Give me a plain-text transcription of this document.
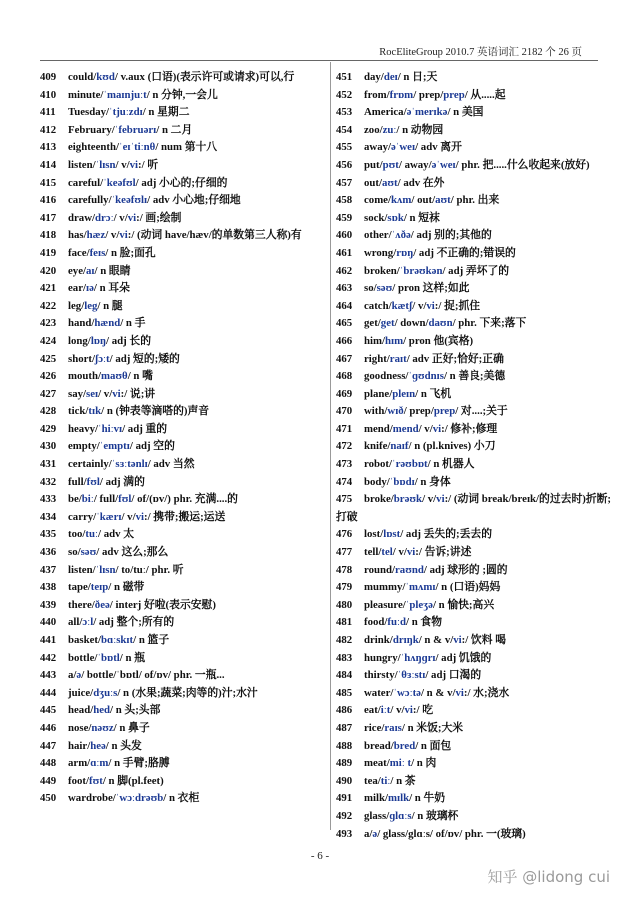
RocEliteGroup 2010.7 英语词汇 2182 个 26 页
409 could/kʊd/ v.aux (口语)(表示许可或请求)可以,行
410 minute/ˈmaɪnjuːt/ n 分钟,一会儿
411 Tuesday/ˈtjuːzdɪ/ n 星期二
412 February/ˈfebruərɪ/ n 二月
413 eighteenth/ˈeɪˈtiːnθ/ num 第十八
414 listen/ˈlɪsn/ v/vi:/ 听
415 careful/ˈkeəfʊl/ adj 小心的;仔细的
416 carefully/ˈkeəfʊlɪ/ adv 小心地;仔细地
417 draw/drɔː/ v/vi:/ 画;绘制
418 has/hæz/ v/vi:/ (动词 have/hæv/的单数第三人称)有
419 face/feɪs/ n 脸;面孔
420 eye/aɪ/ n 眼睛
421 ear/ɪə/ n 耳朵
422 leg/leg/ n 腿
423 hand/hænd/ n 手
424 long/lɒŋ/ adj 长的
425 short/ʃɔːt/ adj 短的;矮的
426 mouth/maʊθ/ n 嘴
427 say/seɪ/ v/vi:/ 说;讲
428 tick/tɪk/ n (钟表等滴嗒的)声音
429 heavy/ˈhiːvɪ/ adj 重的
430 empty/ˈemptɪ/ adj 空的
431 certainly/ˈsɜːtənlɪ/ adv 当然
432 full/fʊl/ adj 满的
433 be/biː/ full/fʊl/ of/(ɒv/) phr. 充满....的
434 carry/ˈkærɪ/ v/vi:/ 携带;搬运;运送
435 too/tuː/ adv 太
436 so/səʊ/ adv 这么;那么
437 listen/ˈlɪsn/ to/tuː/ phr. 听
438 tape/teɪp/ n 磁带
439 there/ðeə/ interj 好啦(表示安慰)
440 all/ɔːl/ adj 整个;所有的
441 basket/bɑːskɪt/ n 篮子
442 bottle/ˈbɒtl/ n 瓶
443 a/ə/ bottle/ˈbɒtl/ of/ɒv/ phr. 一瓶...
444 juice/dʒuːs/ n (水果;蔬菜;肉等的)汁;水汁
445 head/hed/ n 头;头部
446 nose/nəʊz/ n 鼻子
447 hair/heə/ n 头发
448 arm/ɑːm/ n 手臂;胳膊
449 foot/fʊt/ n 脚(pl.feet)
450 wardrobe/ˈwɔːdrəʊb/ n 衣柜
451 day/deɪ/ n 日;天
452 from/frɒm/ prep/prep/ 从.....起
453 America/əˈmerɪkə/ n 美国
454 zoo/zuː/ n 动物园
455 away/əˈweɪ/ adv 离开
456 put/pʊt/ away/əˈweɪ/ phr. 把.....什么收起来(放好)
457 out/aʊt/ adv 在外
458 come/kʌm/ out/aʊt/ phr. 出来
459 sock/sɒk/ n 短袜
460 other/ˈʌðə/ adj 别的;其他的
461 wrong/rɒŋ/ adj 不正确的;错误的
462 broken/ˈbrəʊkən/ adj 弄坏了的
463 so/səʊ/ pron 这样;如此
464 catch/kætʃ/ v/vi:/ 捉;抓住
465 get/get/ down/daʊn/ phr. 下来;落下
466 him/hɪm/ pron 他(宾格)
467 right/raɪt/ adv 正好;恰好;正确
468 goodness/ˈɡʊdnɪs/ n 善良;美德
469 plane/pleɪn/ n 飞机
470 with/wɪð/ prep/prep/ 对....;关于
471 mend/mend/ v/vi:/ 修补;修理
472 knife/naɪf/ n (pl.knives) 小刀
473 robot/ˈrəʊbɒt/ n 机器人
474 body/ˈbɒdɪ/ n 身体
475 broke/brəʊk/ v/vi:/ (动词 break/breɪk/的过去时)折断;打破
476 lost/lɒst/ adj 丢失的;丢去的
477 tell/tel/ v/vi:/ 告诉;讲述
478 round/raʊnd/ adj 球形的 ;圆的
479 mummy/ˈmʌmɪ/ n (口语)妈妈
480 pleasure/ˈpleʒə/ n 愉快;高兴
481 food/fuːd/ n 食物
482 drink/drɪŋk/ n & v/vi:/ 饮料 喝
483 hungry/ˈhʌŋɡrɪ/ adj 饥饿的
484 thirsty/ˈθɜːstɪ/ adj 口渴的
485 water/ˈwɔːtə/ n & v/vi:/ 水;浇水
486 eat/iːt/ v/vi:/ 吃
487 rice/raɪs/ n 米饭;大米
488 bread/bred/ n 面包
489 meat/miː t/ n 肉
490 tea/tiː/ n 茶
491 milk/mɪlk/ n 牛奶
492 glass/ɡlɑːs/ n 玻璃杯
493 a/ə/ glass/glɑːs/ of/ɒv/ phr. 一(玻璃)
- 6 -
知乎 @lidong cui
